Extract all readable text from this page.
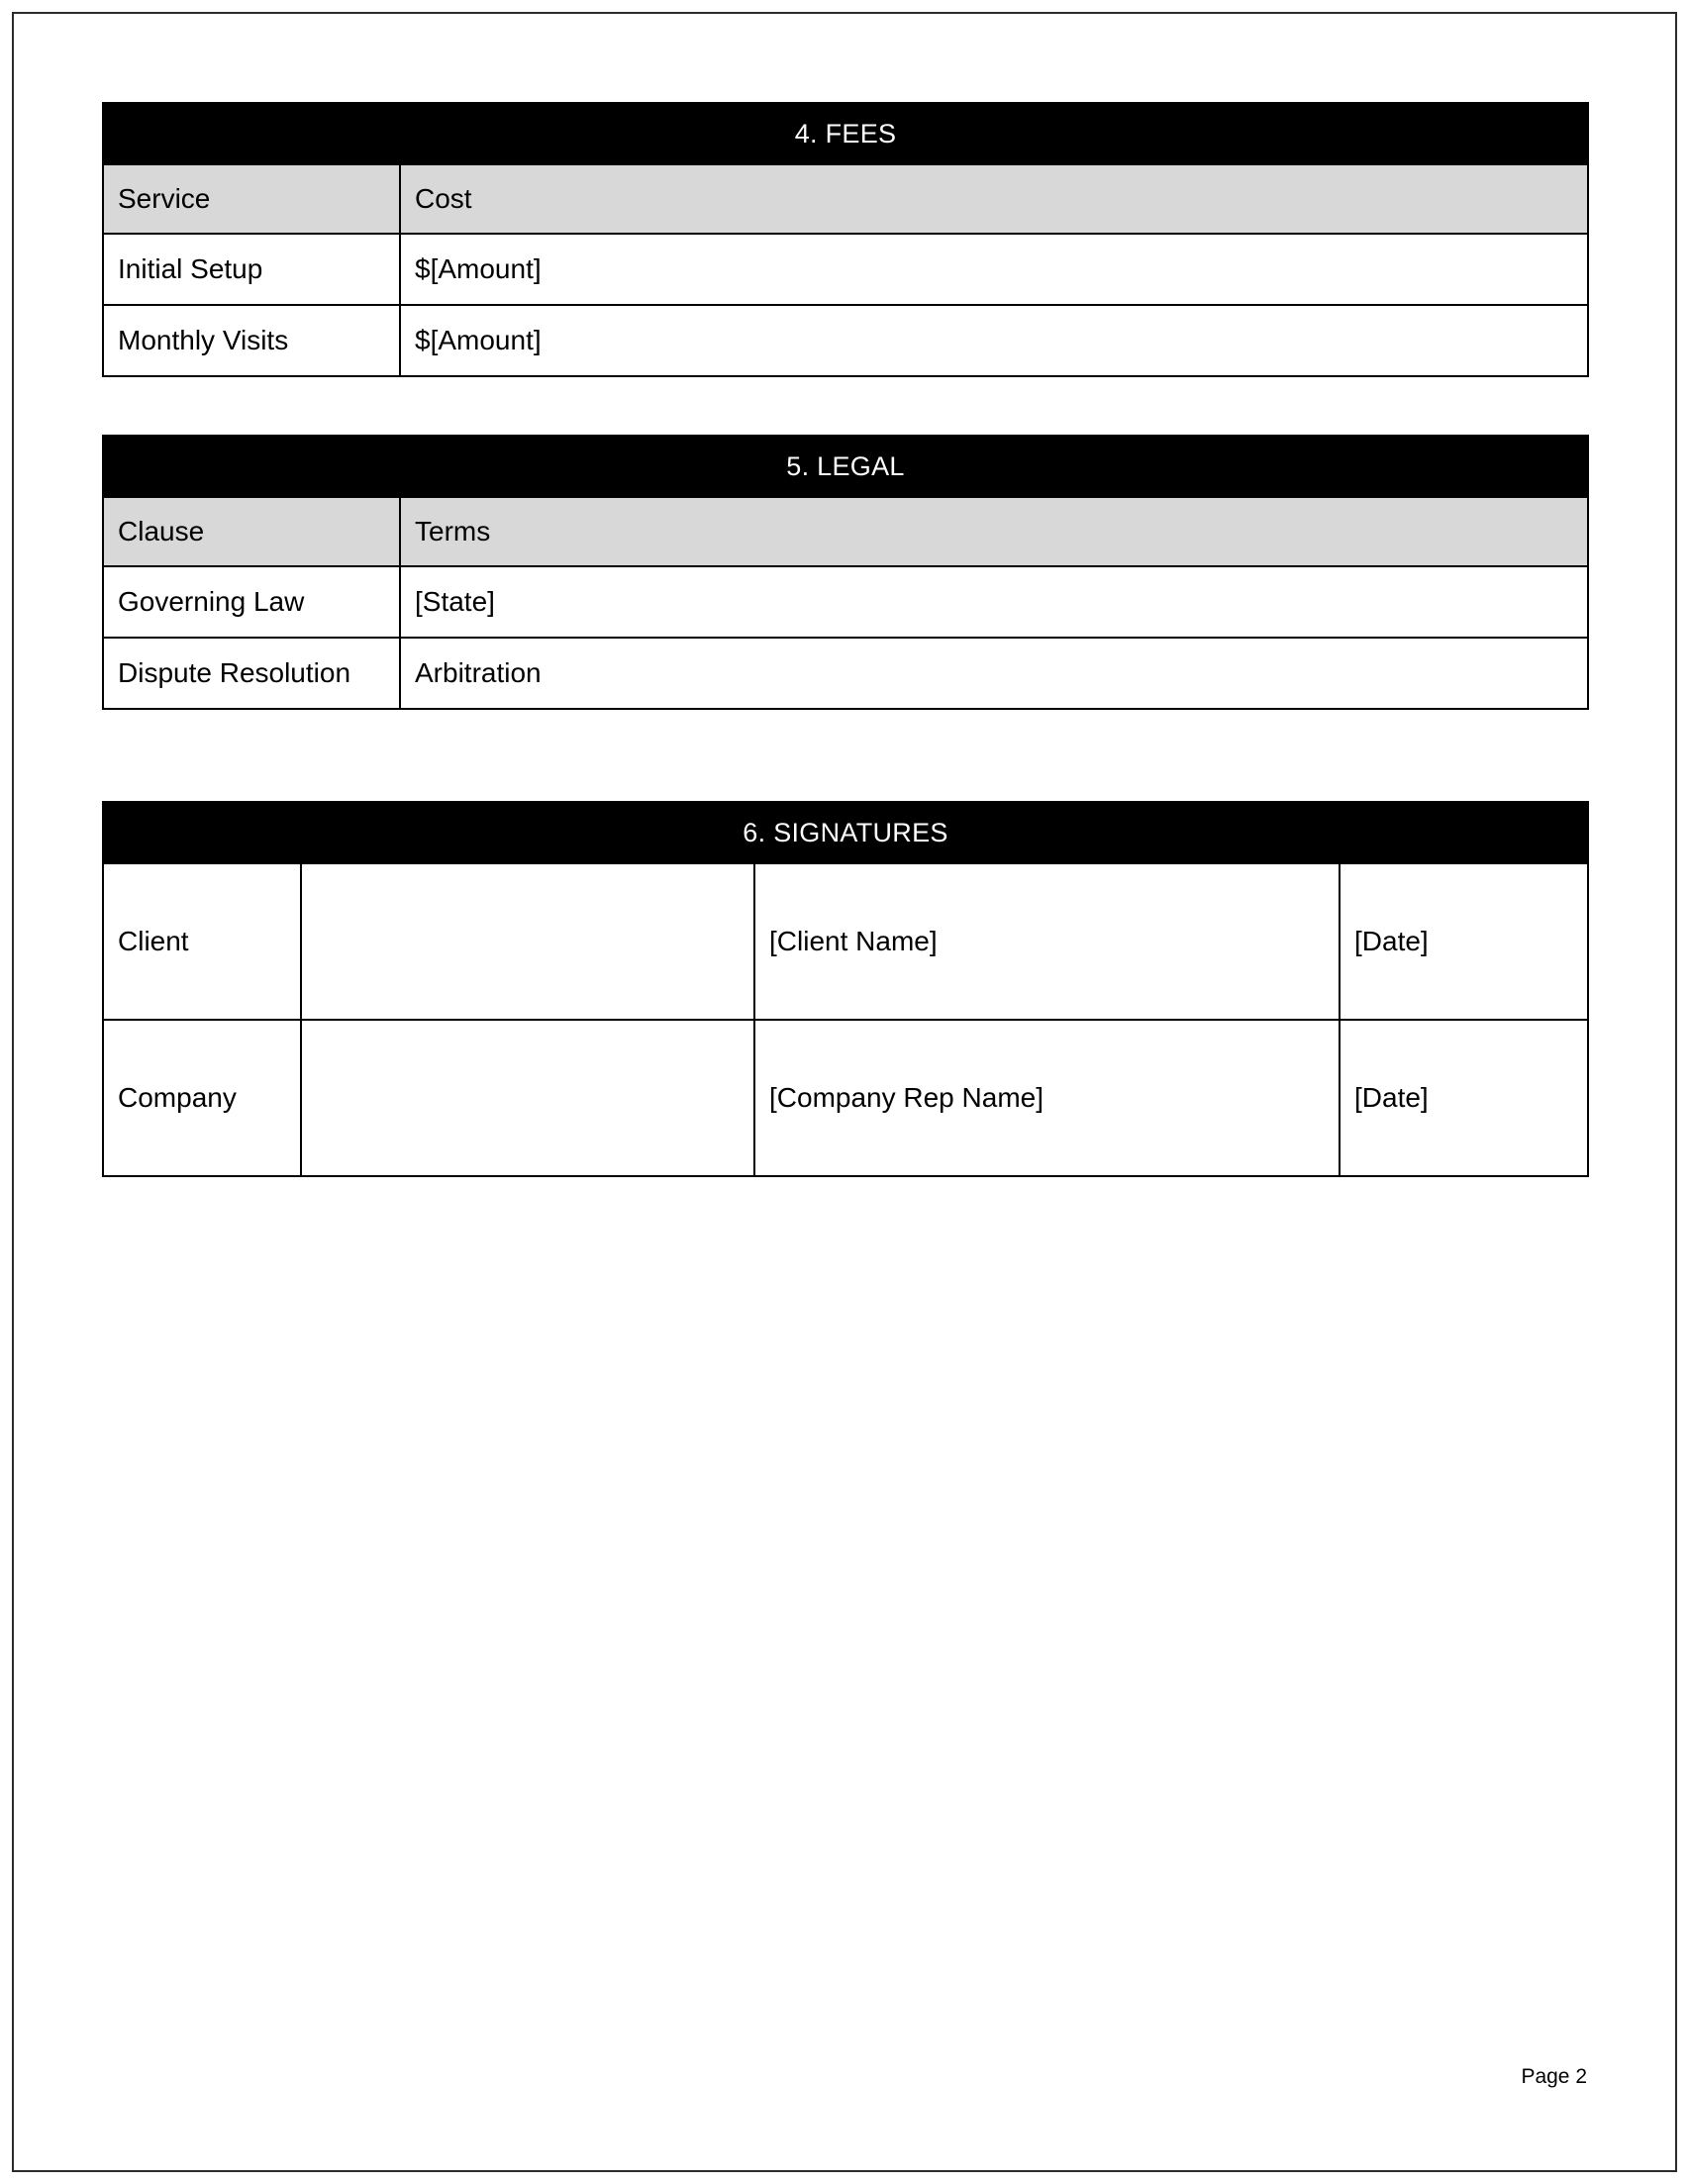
4. FEES	
Service	Cost
Initial Setup	$[Amount]
Monthly Visits	$[Amount]
5. LEGAL	
Clause	Terms
Governing Law	[State]
Dispute Resolution	Arbitration
6. SIGNATURES			
Client		[Client Name]	[Date]
Company		[Company Rep Name]	[Date]
Page 2
